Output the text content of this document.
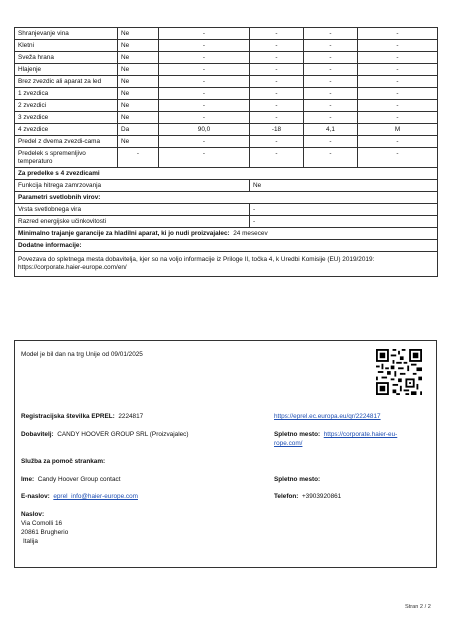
Shranjevanje vina	Ne	-	-	-	-
Kletni	Ne	-	-	-	-
Sveža hrana	Ne	-	-	-	-
Hlajenje	Ne	-	-	-	-
Brez zvezdic ali aparat za led	Ne	-	-	-	-
1 zvezdica	Ne	-	-	-	-
2 zvezdici	Ne	-	-	-	-
3 zvezdice	Ne	-	-	-	-
4 zvezdice	Da	90,0	-18	4,1	M
Predel z dvema zvezdi-cama	Ne	-	-	-	-
Predelek s spremenljivo temperaturo	-	-	-	-	-
Za predelke s 4 zvezdicami					
Funkcija hitrega zamrzovanja			Ne		
Parametri svetlobnih virov:					
Vrsta svetlobnega vira			-		
Razred energijske učinkovitosti			-		
Minimalno trajanje garancije za hladilni aparat, ki jo nudi proizvajalec: 24 mesecev					
Dodatne informacije:					
Povezava do spletnega mesta dobavitelja, kjer so na voljo informacije iz Priloge II, točka 4, k Uredbi Komisije (EU) 2019/2019: https://corporate.haier-europe.com/en/					
Model je bil dan na trg Unije od 09/01/2025
Registracijska številka EPREL: 2224817	https://eprel.ec.europa.eu/qr/2224817
Dobavitelj: CANDY HOOVER GROUP SRL (Proizvajalec)	Spletno mesto: https://corporate.haier-eu-
rope.com/
Služba za pomoč strankam:
Ime: Candy Hoover Group contact	Spletno mesto:
E-naslov: eprel_info@haier-europe.com	Telefon: +3903920861
Naslov:
Via Comolli 16
20861 Brugherio
Italija
Stran 2 / 2
